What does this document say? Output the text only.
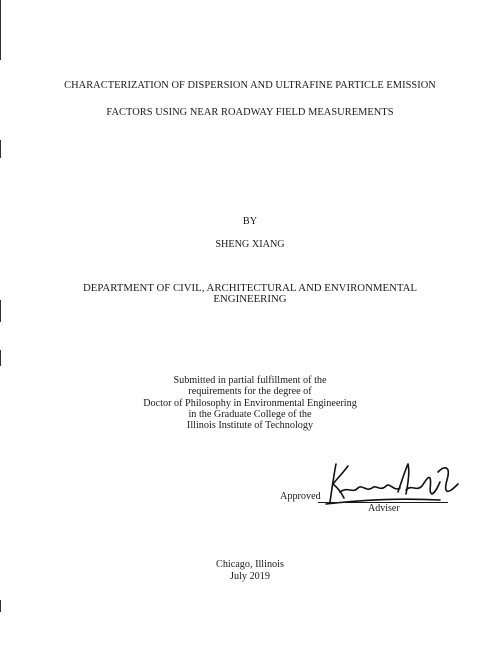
CHARACTERIZATION OF DISPERSION AND ULTRAFINE PARTICLE EMISSION
FACTORS USING NEAR ROADWAY FIELD MEASUREMENTS
BY
SHENG XIANG
DEPARTMENT OF CIVIL, ARCHITECTURAL AND ENVIRONMENTAL
ENGINEERING
Submitted in partial fulfillment of the
requirements for the degree of
Doctor of Philosophy in Environmental Engineering
in the Graduate College of the
Illinois Institute of Technology
Approved
Adviser
Chicago, Illinois
July 2019
